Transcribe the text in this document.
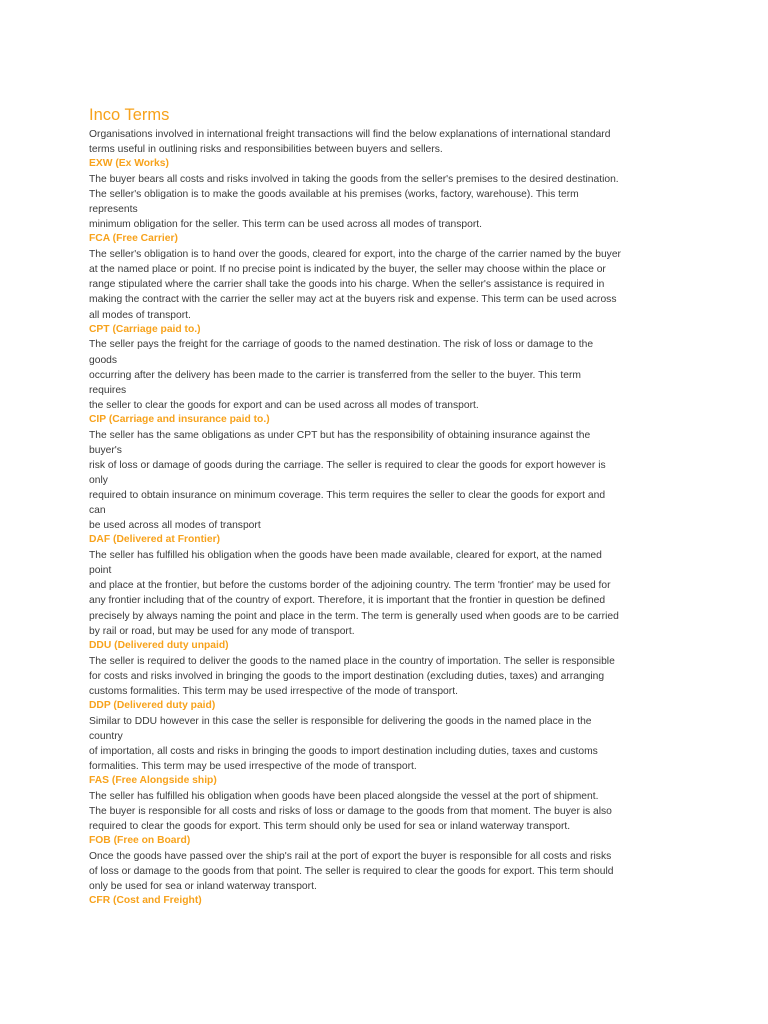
Inco Terms

Organisations involved in international freight transactions will find the below explanations of international standard
terms useful in outlining risks and responsibilities between buyers and sellers.

EXW (Ex Works)

The buyer bears all costs and risks involved in taking the goods from the seller's premises to the desired destination.
The seller's obligation is to make the goods available at his premises (works, factory, warehouse). This term
represents
minimum obligation for the seller. This term can be used across all modes of transport.

FCA (Free Carrier)

The seller's obligation is to hand over the goods, cleared for export, into the charge of the carrier named by the buyer
at the named place or point. If no precise point is indicated by the buyer, the seller may choose within the place or
range stipulated where the carrier shall take the goods into his charge. When the seller's assistance is required in
making the contract with the carrier the seller may act at the buyers risk and expense. This term can be used across
all modes of transport.

CPT (Carriage paid to.)

The seller pays the freight for the carriage of goods to the named destination. The risk of loss or damage to the
goods
occurring after the delivery has been made to the carrier is transferred from the seller to the buyer. This term
requires
the seller to clear the goods for export and can be used across all modes of transport.

CIP (Carriage and insurance paid to.)

The seller has the same obligations as under CPT but has the responsibility of obtaining insurance against the
buyer's
risk of loss or damage of goods during the carriage. The seller is required to clear the goods for export however is
only
required to obtain insurance on minimum coverage. This term requires the seller to clear the goods for export and
can
be used across all modes of transport

DAF (Delivered at Frontier)

The seller has fulfilled his obligation when the goods have been made available, cleared for export, at the named
point
and place at the frontier, but before the customs border of the adjoining country. The term 'frontier' may be used for
any frontier including that of the country of export. Therefore, it is important that the frontier in question be defined
precisely by always naming the point and place in the term. The term is generally used when goods are to be carried
by rail or road, but may be used for any mode of transport.

DDU (Delivered duty unpaid)

The seller is required to deliver the goods to the named place in the country of importation. The seller is responsible
for costs and risks involved in bringing the goods to the import destination (excluding duties, taxes) and arranging
customs formalities. This term may be used irrespective of the mode of transport.

DDP (Delivered duty paid)

Similar to DDU however in this case the seller is responsible for delivering the goods in the named place in the
country
of importation, all costs and risks in bringing the goods to import destination including duties, taxes and customs
formalities. This term may be used irrespective of the mode of transport.

FAS (Free Alongside ship)

The seller has fulfilled his obligation when goods have been placed alongside the vessel at the port of shipment.
The buyer is responsible for all costs and risks of loss or damage to the goods from that moment. The buyer is also
required to clear the goods for export. This term should only be used for sea or inland waterway transport.

FOB (Free on Board)

Once the goods have passed over the ship's rail at the port of export the buyer is responsible for all costs and risks
of loss or damage to the goods from that point. The seller is required to clear the goods for export. This term should
only be used for sea or inland waterway transport.

CFR (Cost and Freight)
